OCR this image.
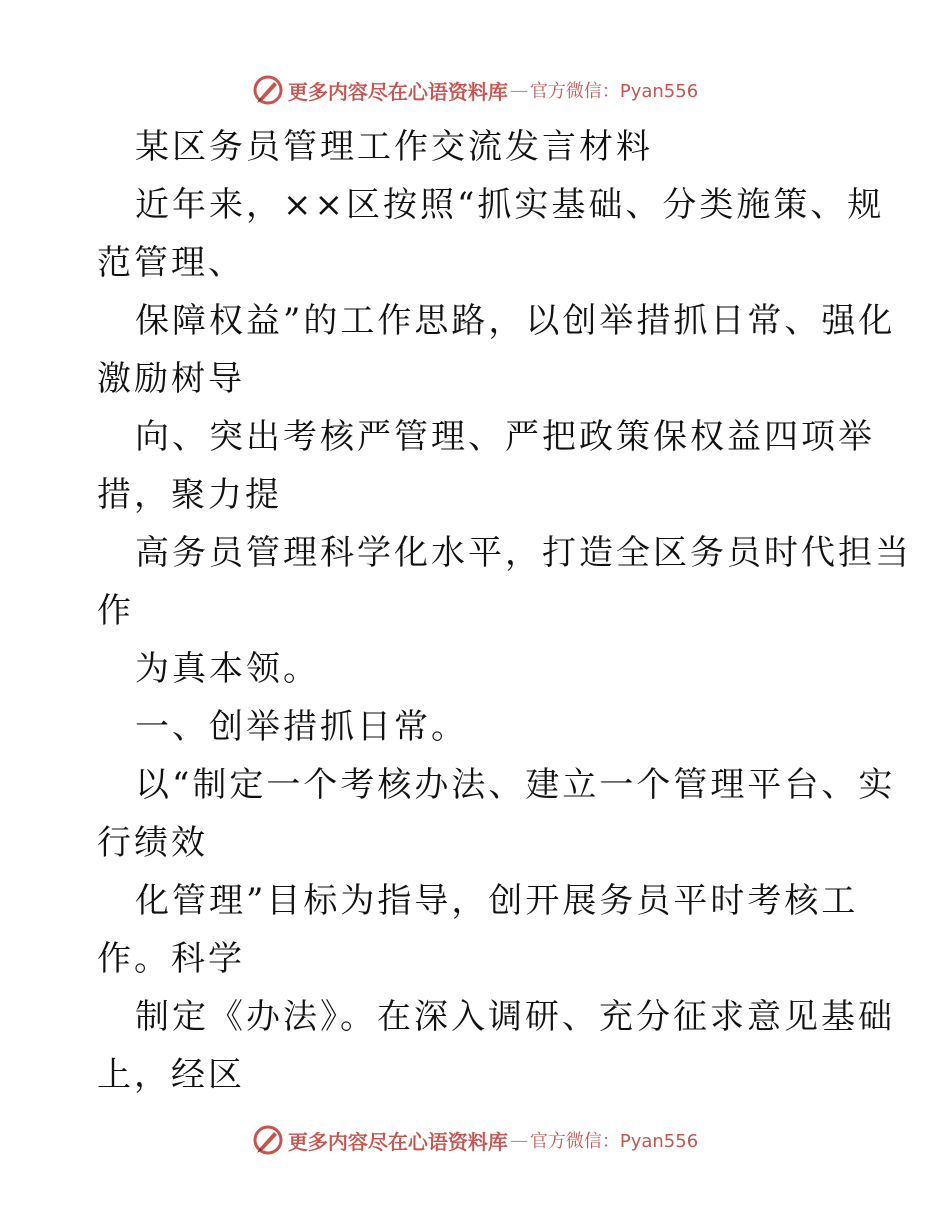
更多内容尽在心语资料库 — 官方微信：Pyan556
某区务员管理工作交流发言材料
近年来，××区按照“抓实基础、分类施策、规
范管理、
保障权益”的工作思路，以创举措抓日常、强化
激励树导
向、突出考核严管理、严把政策保权益四项举
措，聚力提
高务员管理科学化水平，打造全区务员时代担当
作
为真本领。
一、创举措抓日常。
以“制定一个考核办法、建立一个管理平台、实
行绩效
化管理”目标为指导，创开展务员平时考核工
作。科学
制定《办法》。在深入调研、充分征求意见基础
上，经区
更多内容尽在心语资料库 — 官方微信：Pyan556
